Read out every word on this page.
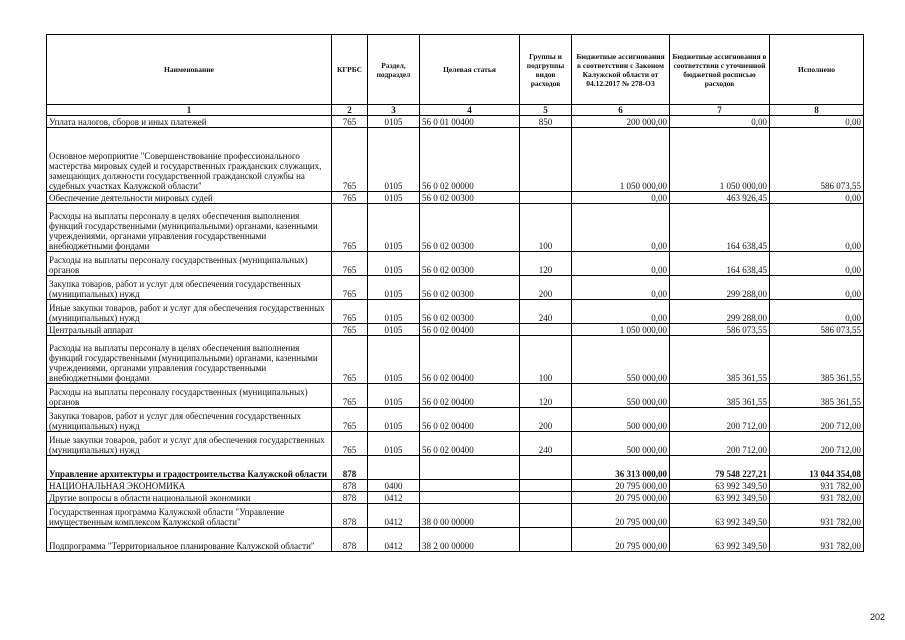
Наименование	КГРБС	Раздел, подраздел	Целевая статья	Группы и подгруппы видов расходов	Бюджетные ассигнования в соответствии с Законом Калужской области от 04.12.2017 № 278-ОЗ	Бюджетные ассигнования в соответствии с уточненной бюджетной росписью расходов	Исполнено
1	2	3	4	5	6	7	8
Уплата налогов, сборов и иных платежей	765	0105	56 0 01 00400	850	200 000,00	0,00	0,00
Основное мероприятие "Совершенствование профессионального мастерства мировых судей и государственных гражданских служащих, замещающих должности государственной гражданской службы на судебных участках Калужской области"	765	0105	56 0 02 00000		1 050 000,00	1 050 000,00	586 073,55
Обеспечение деятельности мировых судей	765	0105	56 0 02 00300		0,00	463 926,45	0,00
Расходы на выплаты персоналу в целях обеспечения выполнения функций государственными (муниципальными) органами, казенными учреждениями, органами управления государственными внебюджетными фондами	765	0105	56 0 02 00300	100	0,00	164 638,45	0,00
Расходы на выплаты персоналу государственных (муниципальных) органов	765	0105	56 0 02 00300	120	0,00	164 638,45	0,00
Закупка товаров, работ и услуг для обеспечения государственных (муниципальных) нужд	765	0105	56 0 02 00300	200	0,00	299 288,00	0,00
Иные закупки товаров, работ и услуг для обеспечения государственных (муниципальных) нужд	765	0105	56 0 02 00300	240	0,00	299 288,00	0,00
Центральный аппарат	765	0105	56 0 02 00400		1 050 000,00	586 073,55	586 073,55
Расходы на выплаты персоналу в целях обеспечения выполнения функций государственными (муниципальными) органами, казенными учреждениями, органами управления государственными внебюджетными фондами	765	0105	56 0 02 00400	100	550 000,00	385 361,55	385 361,55
Расходы на выплаты персоналу государственных (муниципальных) органов	765	0105	56 0 02 00400	120	550 000,00	385 361,55	385 361,55
Закупка товаров, работ и услуг для обеспечения государственных (муниципальных) нужд	765	0105	56 0 02 00400	200	500 000,00	200 712,00	200 712,00
Иные закупки товаров, работ и услуг для обеспечения государственных (муниципальных) нужд	765	0105	56 0 02 00400	240	500 000,00	200 712,00	200 712,00
Управление архитектуры и градостроительства Калужской области	878				36 313 000,00	79 548 227,21	13 044 354,08
НАЦИОНАЛЬНАЯ ЭКОНОМИКА	878	0400			20 795 000,00	63 992 349,50	931 782,00
Другие вопросы в области национальной экономики	878	0412			20 795 000,00	63 992 349,50	931 782,00
Государственная программа Калужской области "Управление имущественным комплексом Калужской области"	878	0412	38 0 00 00000		20 795 000,00	63 992 349,50	931 782,00
Подпрограмма "Территориальное планирование Калужской области"	878	0412	38 2 00 00000		20 795 000,00	63 992 349,50	931 782,00
202
